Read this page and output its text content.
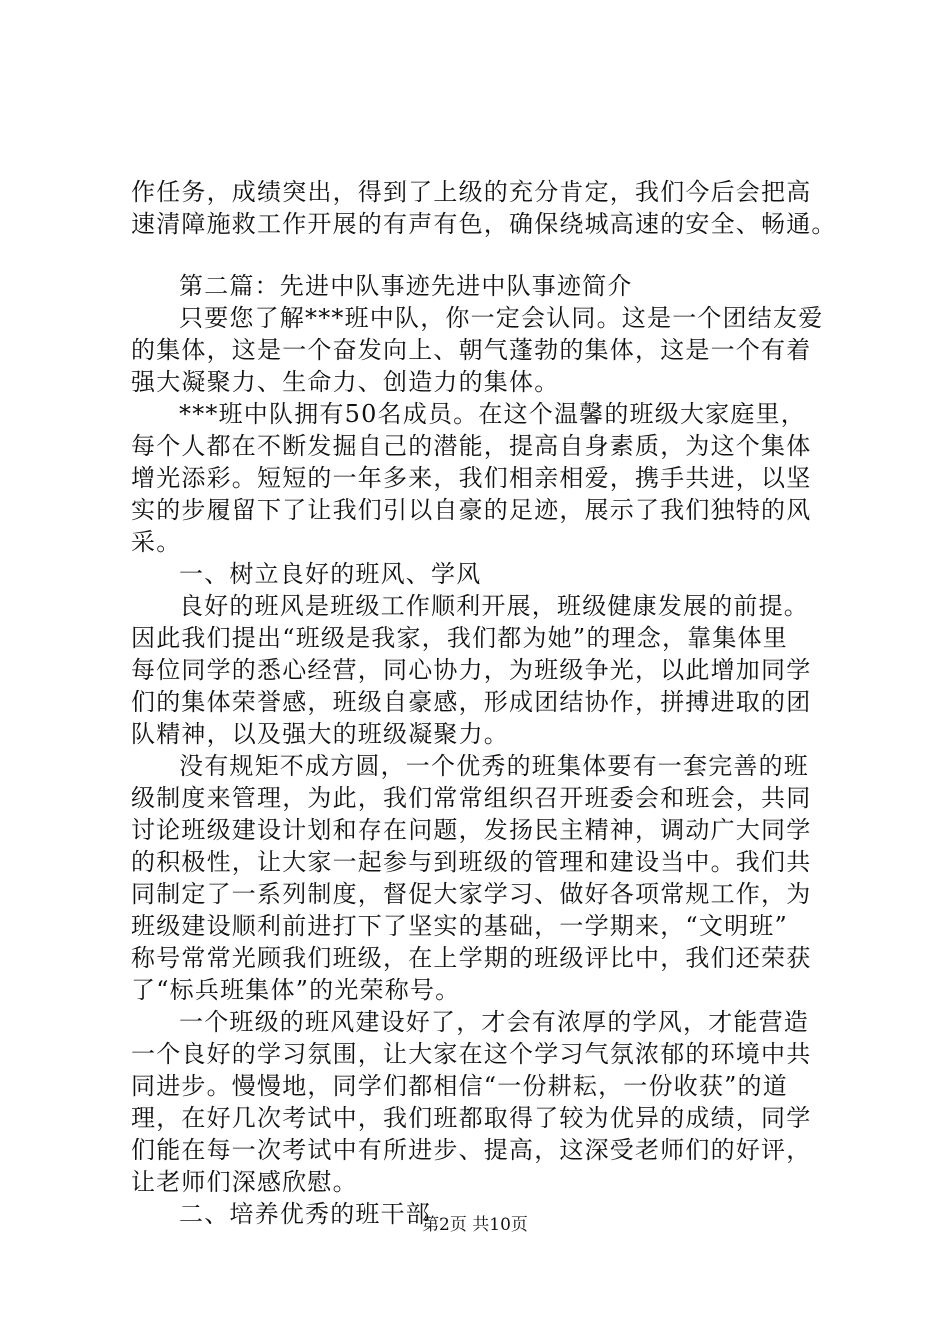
作任务，成绩突出，得到了上级的充分肯定，我们今后会把高
速清障施救工作开展的有声有色，确保绕城高速的安全、畅通。
第二篇：先进中队事迹先进中队事迹简介
只要您了解***班中队，你一定会认同。这是一个团结友爱
的集体，这是一个奋发向上、朝气蓬勃的集体，这是一个有着
强大凝聚力、生命力、创造力的集体。
***班中队拥有50名成员。在这个温馨的班级大家庭里，
每个人都在不断发掘自己的潜能，提高自身素质，为这个集体
增光添彩。短短的一年多来，我们相亲相爱，携手共进，以坚
实的步履留下了让我们引以自豪的足迹，展示了我们独特的风
采。
一、树立良好的班风、学风
良好的班风是班级工作顺利开展，班级健康发展的前提。
因此我们提出“班级是我家，我们都为她”的理念，靠集体里
每位同学的悉心经营，同心协力，为班级争光，以此增加同学
们的集体荣誉感，班级自豪感，形成团结协作，拼搏进取的团
队精神，以及强大的班级凝聚力。
没有规矩不成方圆，一个优秀的班集体要有一套完善的班
级制度来管理，为此，我们常常组织召开班委会和班会，共同
讨论班级建设计划和存在问题，发扬民主精神，调动广大同学
的积极性，让大家一起参与到班级的管理和建设当中。我们共
同制定了一系列制度，督促大家学习、做好各项常规工作，为
班级建设顺利前进打下了坚实的基础，一学期来，“文明班”
称号常常光顾我们班级，在上学期的班级评比中，我们还荣获
了“标兵班集体”的光荣称号。
一个班级的班风建设好了，才会有浓厚的学风，才能营造
一个良好的学习氛围，让大家在这个学习气氛浓郁的环境中共
同进步。慢慢地，同学们都相信“一份耕耘，一份收获”的道
理，在好几次考试中，我们班都取得了较为优异的成绩，同学
们能在每一次考试中有所进步、提高，这深受老师们的好评，
让老师们深感欣慰。
二、培养优秀的班干部
第2页 共10页
